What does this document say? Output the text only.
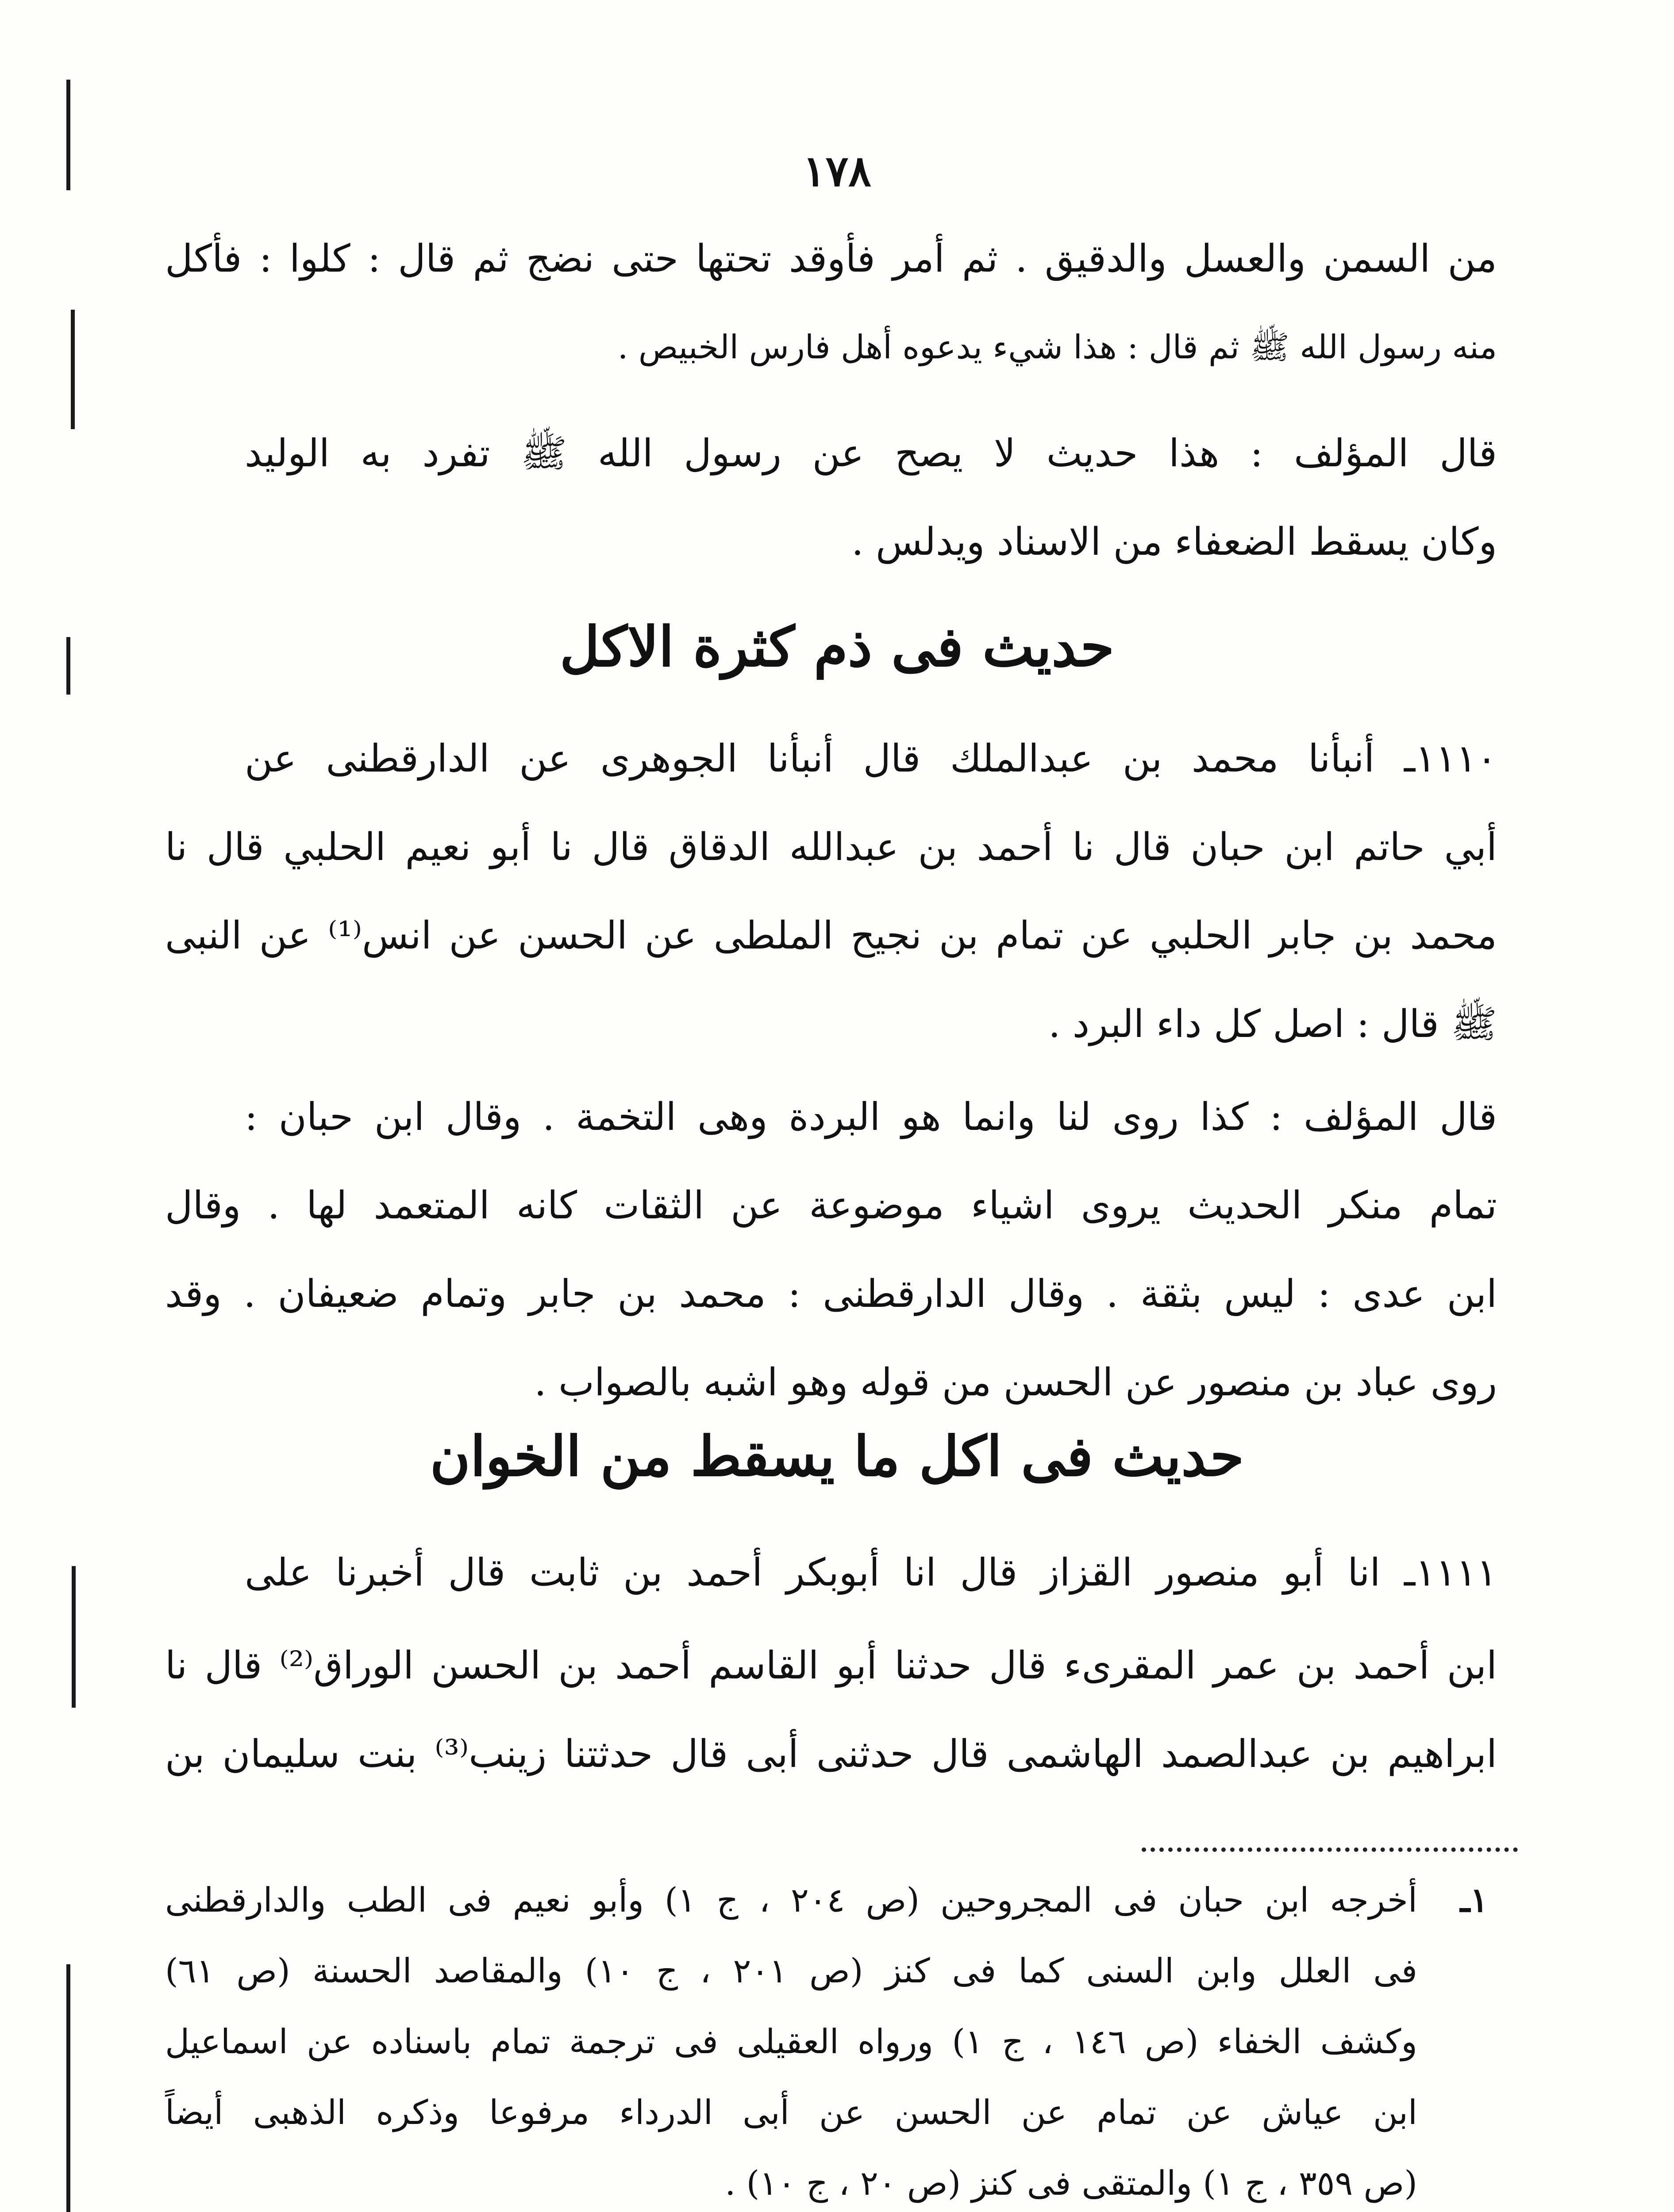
١٧٨
من السمن والعسل والدقيق . ثم أمر فأوقد تحتها حتى نضج ثم قال : كلوا : فأكل
منه رسول الله ﷺ ثم قال : هذا شيء يدعوه أهل فارس الخبيص .
قال المؤلف : هذا حديث لا يصح عن رسول الله ﷺ تفرد به الوليد
وكان يسقط الضعفاء من الاسناد ويدلس .
حديث فى ذم كثرة الاكل
١١١٠ـ أنبأنا محمد بن عبدالملك قال أنبأنا الجوهرى عن الدارقطنى عن
أبي حاتم ابن حبان قال نا أحمد بن عبدالله الدقاق قال نا أبو نعيم الحلبي قال نا
محمد بن جابر الحلبي عن تمام بن نجيح الملطى عن الحسن عن انس⁽¹⁾ عن النبى
ﷺ قال : اصل كل داء البرد .
قال المؤلف : كذا روى لنا وانما هو البردة وهى التخمة . وقال ابن حبان :
تمام منكر الحديث يروى اشياء موضوعة عن الثقات كانه المتعمد لها . وقال
ابن عدى : ليس بثقة . وقال الدارقطنى : محمد بن جابر وتمام ضعيفان . وقد
روى عباد بن منصور عن الحسن من قوله وهو اشبه بالصواب .
حديث فى اكل ما يسقط من الخوان
١١١١ـ انا أبو منصور القزاز قال انا أبوبكر أحمد بن ثابت قال أخبرنا على
ابن أحمد بن عمر المقرىء قال حدثنا أبو القاسم أحمد بن الحسن الوراق⁽²⁾ قال نا
ابراهيم بن عبدالصمد الهاشمى قال حدثنى أبى قال حدثتنا زينب⁽³⁾ بنت سليمان بن
١ـ
أخرجه ابن حبان فى المجروحين (ص ٢٠٤ ، ج ١) وأبو نعيم فى الطب والدارقطنى
فى العلل وابن السنى كما فى كنز (ص ٢٠١ ، ج ١٠) والمقاصد الحسنة (ص ٦١)
وكشف الخفاء (ص ١٤٦ ، ج ١) ورواه العقيلى فى ترجمة تمام باسناده عن اسماعيل
ابن عياش عن تمام عن الحسن عن أبى الدرداء مرفوعا وذكره الذهبى أيضاً
(ص ٣٥٩ ، ج ١) والمتقى فى كنز (ص ٢٠ ، ج ١٠) .
